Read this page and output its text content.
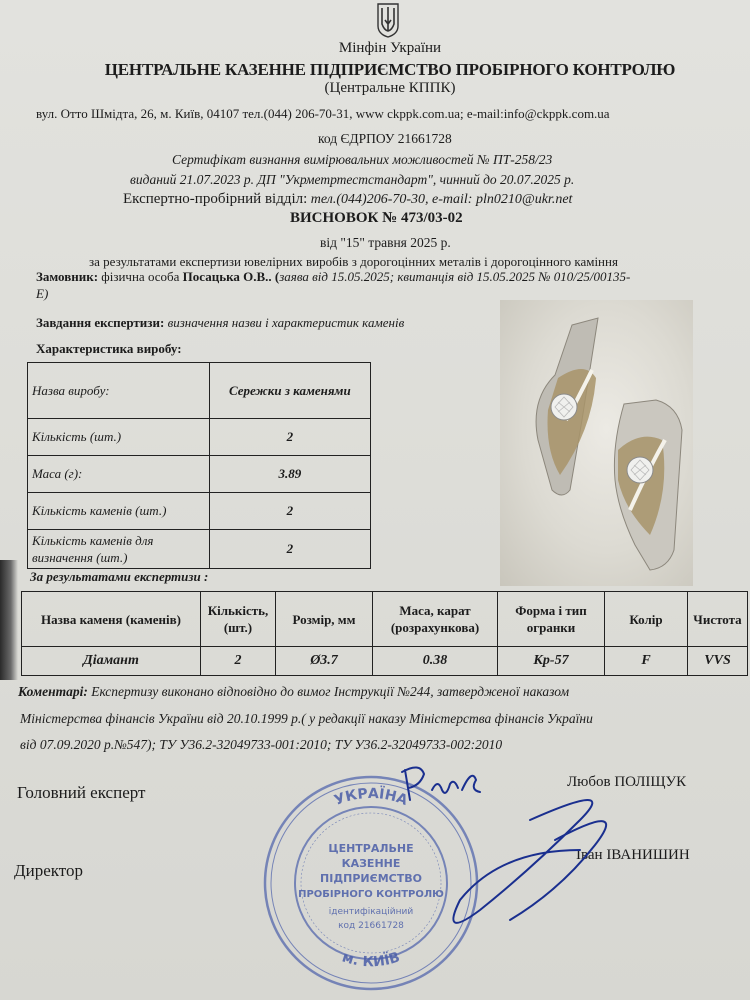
Мінфін України
ЦЕНТРАЛЬНЕ КАЗЕННЕ ПІДПРИЄМСТВО ПРОБІРНОГО КОНТРОЛЮ
(Центральне КППК)
вул. Отто Шмідта, 26, м. Київ, 04107 тел.(044) 206-70-31, www ckppk.com.ua; e-mail:info@ckppk.com.ua
код ЄДРПОУ 21661728
Сертифікат визнання вимірювальних можливостей № ПТ-258/23
виданий 21.07.2023 р. ДП "Укрметртестстандарт", чинний до 20.07.2025 р.
Експертно-пробірний відділ: тел.(044)206-70-30, e-mail: pln0210@ukr.net
ВИСНОВОК № 473/03-02
від "15" травня 2025 р.
за результатами експертизи ювелірних виробів з дорогоцінних металів і дорогоцінного каміння
Замовник: фізична особа Посацька О.В.. (заява від 15.05.2025; квитанція від 15.05.2025 № 010/25/00135-
Е)
Завдання експертизи: визначення назви і характеристик каменів
Характеристика виробу:
Назва виробу:	Сережки з каменями
Кількість (шт.)	2
Маса (г):	3.89
Кількість каменів (шт.)	2
Кількість каменів для визначення (шт.)	2
За результатами експертизи :
Назва каменя (каменів)	Кількість, (шт.)	Розмір, мм	Маса, карат (розрахункова)	Форма і тип огранки	Колір	Чистота
Діамант	2	Ø3.7	0.38	Кр-57	F	VVS
Коментарі: Експертизу виконано відповідно до вимог Інструкції №244, затвердженої наказом
Міністерства фінансів України від 20.10.1999 р.( у редакції наказу Міністерства фінансів України
від 07.09.2020 р.№547); ТУ У36.2-32049733-001:2010; ТУ У36.2-32049733-002:2010
Головний експерт
Любов ПОЛІЩУК
Директор
Іван ІВАНИШИН
УКРАЇНА
м. КИЇВ
ЦЕНТРАЛЬНЕ
КАЗЕННЕ
ПІДПРИЄМСТВО
ПРОБІРНОГО КОНТРОЛЮ
ідентифікаційний
код 21661728
